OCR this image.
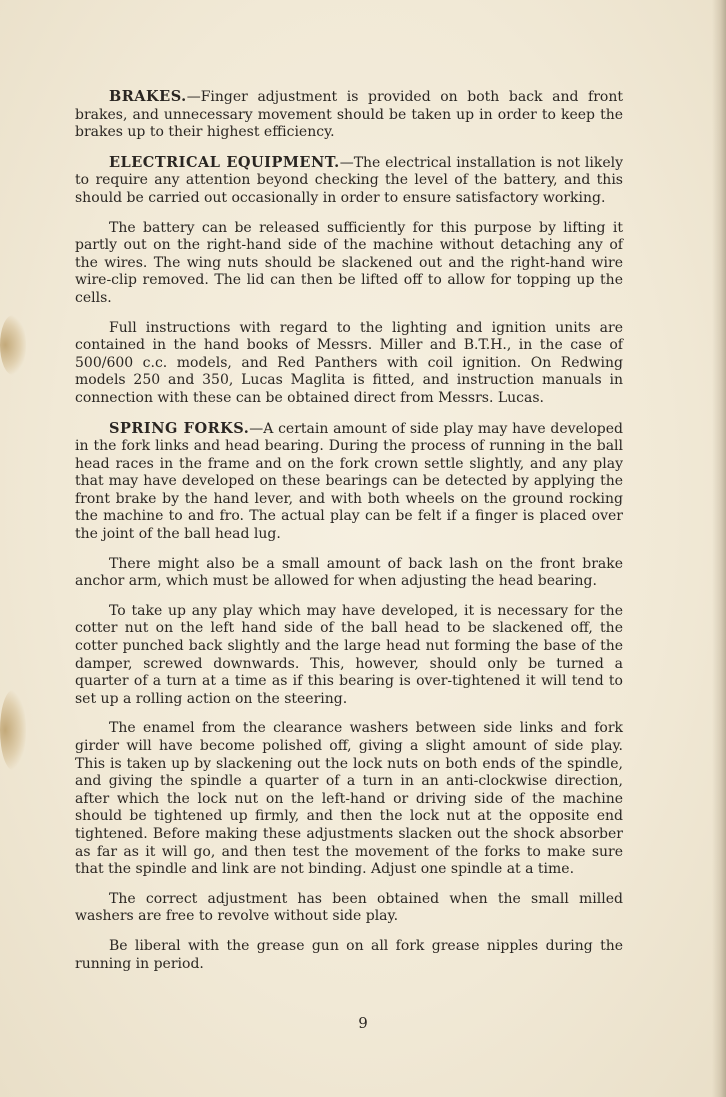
BRAKES.—Finger adjustment is provided on both back and front brakes, and unnecessary movement should be taken up in order to keep the brakes up to their highest efficiency.

ELECTRICAL EQUIPMENT.—The electrical installation is not likely to require any attention beyond checking the level of the battery, and this should be carried out occasionally in order to ensure satisfactory working.

The battery can be released sufficiently for this purpose by lifting it partly out on the right-hand side of the machine without detaching any of the wires. The wing nuts should be slackened out and the right-hand wire wire-clip removed. The lid can then be lifted off to allow for topping up the cells.

Full instructions with regard to the lighting and ignition units are contained in the hand books of Messrs. Miller and B.T.H., in the case of 500/600 c.c. models, and Red Panthers with coil ignition. On Redwing models 250 and 350, Lucas Maglita is fitted, and instruction manuals in connection with these can be obtained direct from Messrs. Lucas.

SPRING FORKS.—A certain amount of side play may have developed in the fork links and head bearing. During the process of running in the ball head races in the frame and on the fork crown settle slightly, and any play that may have developed on these bearings can be detected by applying the front brake by the hand lever, and with both wheels on the ground rocking the machine to and fro. The actual play can be felt if a finger is placed over the joint of the ball head lug.

There might also be a small amount of back lash on the front brake anchor arm, which must be allowed for when adjusting the head bearing.

To take up any play which may have developed, it is necessary for the cotter nut on the left hand side of the ball head to be slackened off, the cotter punched back slightly and the large head nut forming the base of the damper, screwed downwards. This, however, should only be turned a quarter of a turn at a time as if this bearing is over-tightened it will tend to set up a rolling action on the steering.

The enamel from the clearance washers between side links and fork girder will have become polished off, giving a slight amount of side play. This is taken up by slackening out the lock nuts on both ends of the spindle, and giving the spindle a quarter of a turn in an anti-clockwise direction, after which the lock nut on the left-hand or driving side of the machine should be tightened up firmly, and then the lock nut at the opposite end tightened. Before making these adjustments slacken out the shock absorber as far as it will go, and then test the movement of the forks to make sure that the spindle and link are not binding. Adjust one spindle at a time.

The correct adjustment has been obtained when the small milled washers are free to revolve without side play.

Be liberal with the grease gun on all fork grease nipples during the running in period.

9
